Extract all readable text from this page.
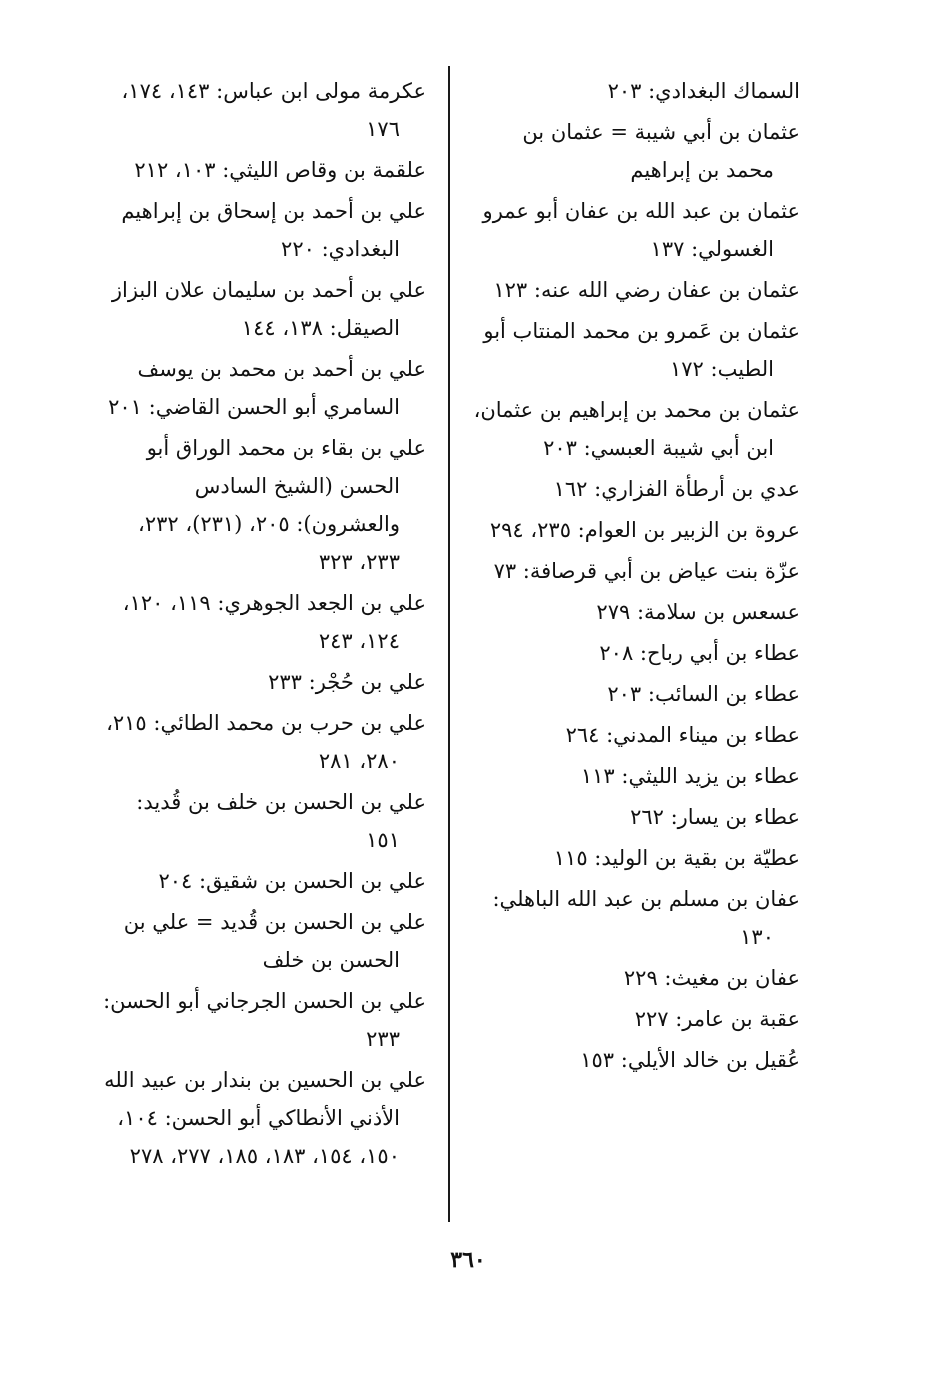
السماك البغدادي: ٢٠٣
عثمان بن أبي شيبة = عثمان بن محمد بن إبراهيم
عثمان بن عبد الله بن عفان أبو عمرو الغسولي: ١٣٧
عثمان بن عفان رضي الله عنه: ١٢٣
عثمان بن عَمرو بن محمد المنتاب أبو الطيب: ١٧٢
عثمان بن محمد بن إبراهيم بن عثمان، ابن أبي شيبة العبسي: ٢٠٣
عدي بن أرطأة الفزاري: ١٦٢
عروة بن الزبير بن العوام: ٢٣٥، ٢٩٤
عزّة بنت عياض بن أبي قرصافة: ٧٣
عسعس بن سلامة: ٢٧٩
عطاء بن أبي رباح: ٢٠٨
عطاء بن السائب: ٢٠٣
عطاء بن ميناء المدني: ٢٦٤
عطاء بن يزيد الليثي: ١١٣
عطاء بن يسار: ٢٦٢
عطيّة بن بقية بن الوليد: ١١٥
عفان بن مسلم بن عبد الله الباهلي: ١٣٠
عفان بن مغيث: ٢٢٩
عقبة بن عامر: ٢٢٧
عُقيل بن خالد الأيلي: ١٥٣
عكرمة مولى ابن عباس: ١٤٣، ١٧٤، ١٧٦
علقمة بن وقاص الليثي: ١٠٣، ٢١٢
علي بن أحمد بن إسحاق بن إبراهيم البغدادي: ٢٢٠
علي بن أحمد بن سليمان علان البزاز الصيقل: ١٣٨، ١٤٤
علي بن أحمد بن محمد بن يوسف السامري أبو الحسن القاضي: ٢٠١
علي بن بقاء بن محمد الوراق أبو الحسن (الشيخ السادس والعشرون): ٢٠٥، (٢٣١)، ٢٣٢، ٢٣٣، ٣٢٣
علي بن الجعد الجوهري: ١١٩، ١٢٠، ١٢٤، ٢٤٣
علي بن حُجْر: ٢٣٣
علي بن حرب بن محمد الطائي: ٢١٥، ٢٨٠، ٢٨١
علي بن الحسن بن خلف بن قُديد: ١٥١
علي بن الحسن بن شقيق: ٢٠٤
علي بن الحسن بن قُديد = علي بن الحسن بن خلف
علي بن الحسن الجرجاني أبو الحسن: ٢٣٣
علي بن الحسين بن بندار بن عبيد الله الأذني الأنطاكي أبو الحسن: ١٠٤، ١٥٠، ١٥٤، ١٨٣، ١٨٥، ٢٧٧، ٢٧٨
٣٦٠
